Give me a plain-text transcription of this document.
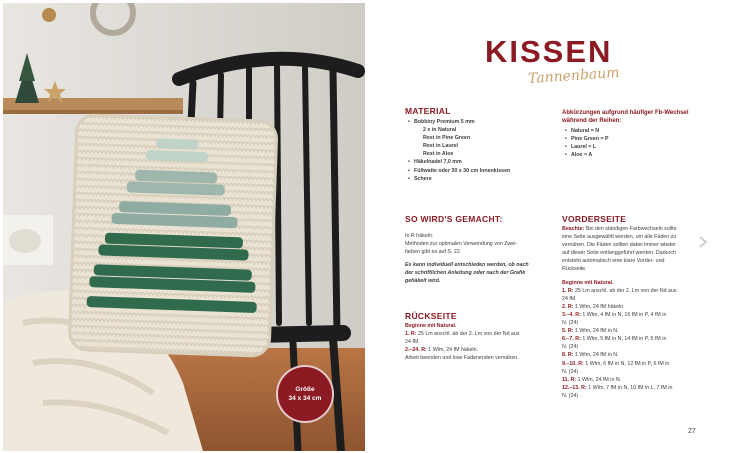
Größe
34 x 34 cm
KISSEN
Tannenbaum
MATERIAL
• Bobbiny Premium 5 mm
2 x in Natural
Rest in Pine Green
Rest in Laurel
Rest in Aloe
• Häkelnadel 7,0 mm
• Füllwatte oder 30 x 30 cm Innenkissen
• Schere
Abkürzungen aufgrund häufiger Fb-Wechsel
während der Reihen:
• Natural = N
• Pine Green = P
• Laurel = L
• Aloe = A
SO WIRD'S GEMACHT:
In R häkeln.
Methoden zur optimalen Verwendung von Zwei-
farben gibt es auf S. 22.
Es kann individuell entschieden werden, ob nach
der schriftlichen Anleitung oder nach der Grafik
gehäkelt wird.
RÜCKSEITE
Beginne mit Natural.
1. R: 25 Lm anschl. ab der 2. Lm von der Nd aus
24 fM.
2.–24. R: 1 Wlm, 24 fM häkeln.
Arbeit beenden und lose Fadenenden vernähen.
VORDERSEITE
Beachte: Bei den ständigen Farbwechseln sollte
eine Seite ausgewählt werden, um alle Fäden zu
vernähen. Die Fäden sollten dabei immer wieder
auf dieser Seite entlanggeführt werden. Dadurch
entsteht automatisch eine klare Vorder- und
Rückseite.
Beginne mit Natural.
1. R: 25 Lm anschl. ab der 2. Lm von der Nd aus
24 fM.
2. R: 1 Wlm, 24 fM häkeln.
3.–4. R: 1 Wlm, 4 fM in N, 16 fM in P, 4 fM in
N. (24)
5. R: 1 Wlm, 24 fM in N.
6.–7. R: 1 Wlm, 5 fM in N, 14 fM in P, 5 fM in
N. (24)
8. R: 1 Wlm, 24 fM in N.
9.–10. R: 1 Wlm, 6 fM in N, 12 fM in P, 6 fM in
N. (24)
11. R: 1 Wlm, 24 fM in N.
12.–13. R: 1 Wlm, 7 fM in N, 10 fM in L, 7 fM in
N. (24)
27
